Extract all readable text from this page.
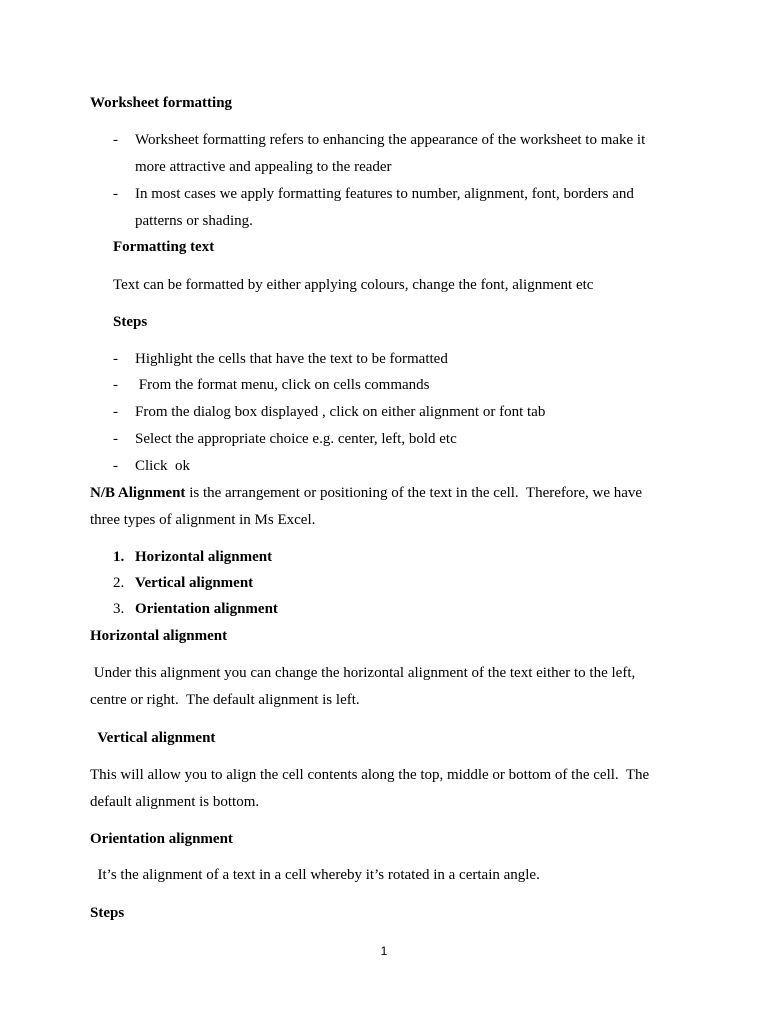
Worksheet formatting
-	Worksheet formatting refers to enhancing the appearance of the worksheet to make it
more attractive and appealing to the reader
-	In most cases we apply formatting features to number, alignment, font, borders and
patterns or shading.
Formatting text
Text can be formatted by either applying colours, change the font, alignment etc
Steps
-	Highlight the cells that have the text to be formatted
-	From the format menu, click on cells commands
-	From the dialog box displayed , click on either alignment or font tab
-	Select the appropriate choice e.g. center, left, bold etc
-	Click  ok
N/B Alignment is the arrangement or positioning of the text in the cell.  Therefore, we have
three types of alignment in Ms Excel.
1. Horizontal alignment
2. Vertical alignment
3. Orientation alignment
Horizontal alignment
Under this alignment you can change the horizontal alignment of the text either to the left,
centre or right.  The default alignment is left.
Vertical alignment
This will allow you to align the cell contents along the top, middle or bottom of the cell.  The
default alignment is bottom.
Orientation alignment
It’s the alignment of a text in a cell whereby it’s rotated in a certain angle.
Steps
1
